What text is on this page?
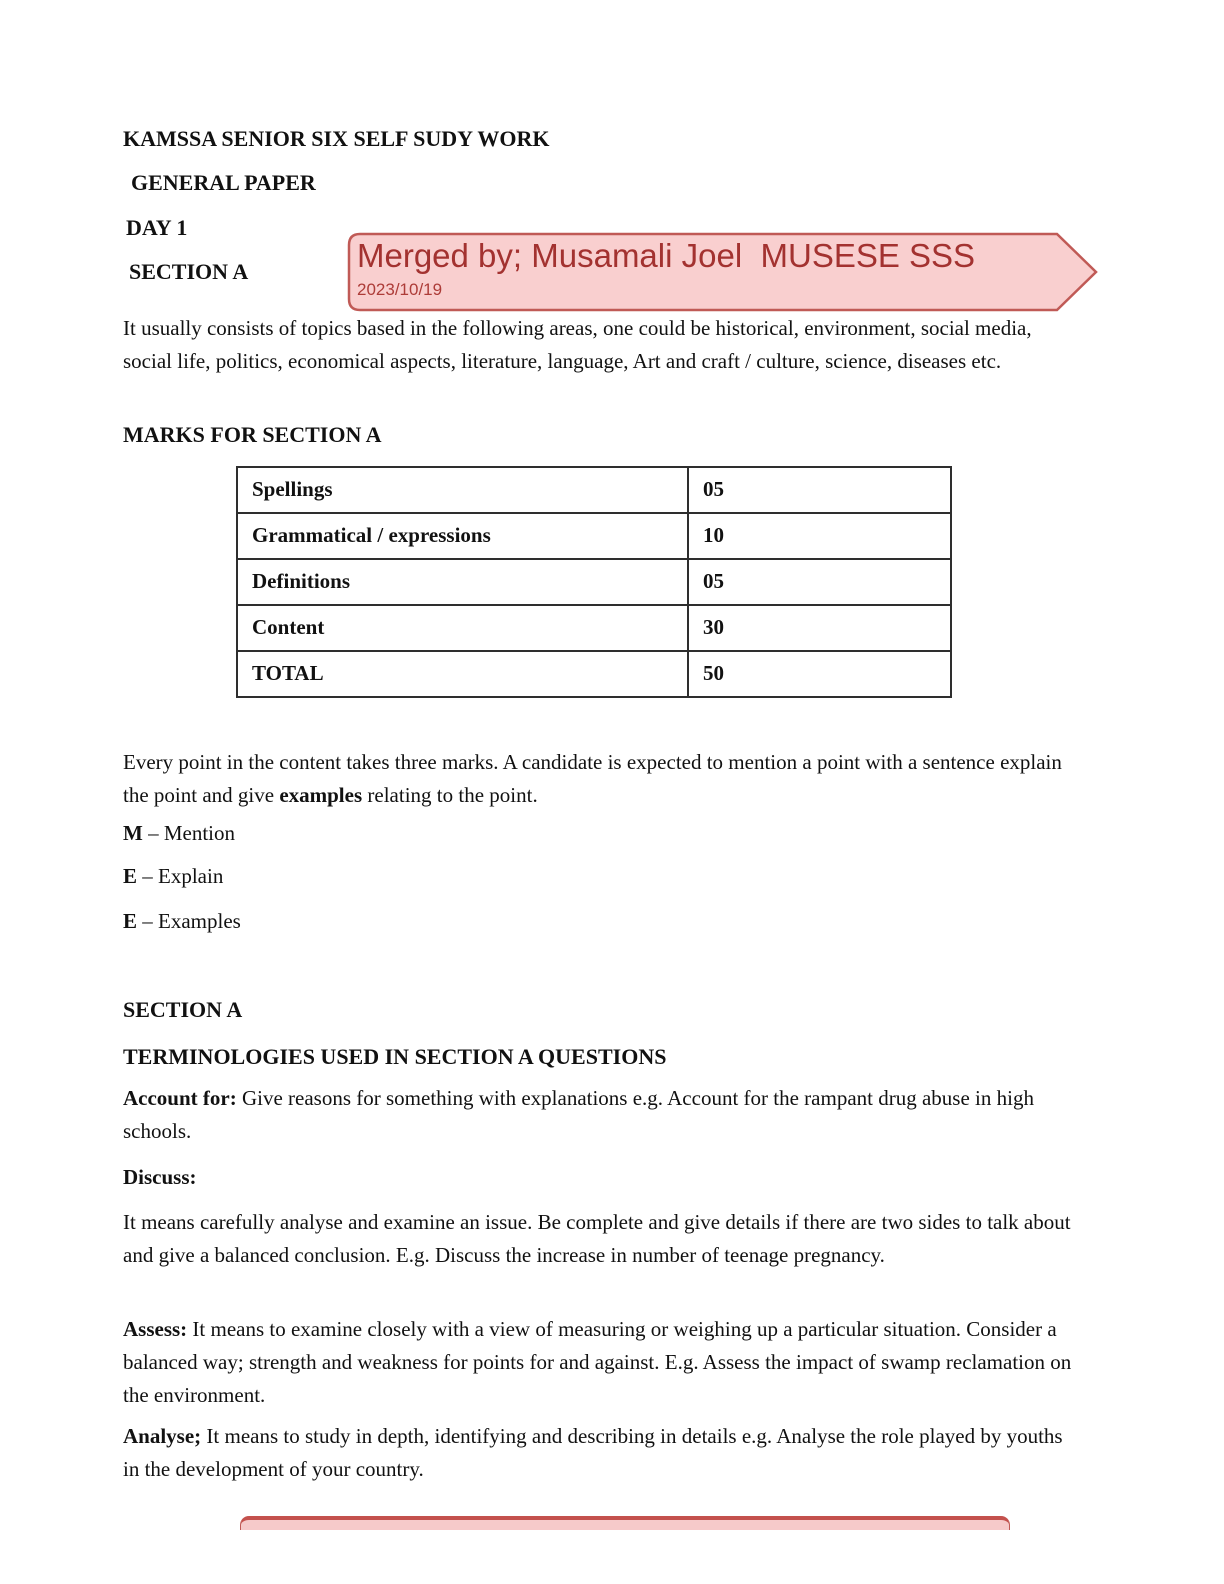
KAMSSA SENIOR SIX SELF SUDY WORK
GENERAL PAPER
DAY 1
SECTION A	Merged by; Musamali Joel  MUSESE SSS
2023/10/19
It usually consists of topics based in the following areas, one could be historical, environment, social media, social life, politics, economical aspects, literature, language, Art and craft / culture, science, diseases etc.
MARKS FOR SECTION A
Spellings	05
Grammatical / expressions	10
Definitions	05
Content	30
TOTAL	50
Every point in the content takes three marks. A candidate is expected to mention a point with a sentence explain the point and give examples relating to the point.
M – Mention
E – Explain
E – Examples
SECTION A
TERMINOLOGIES USED IN SECTION A QUESTIONS
Account for: Give reasons for something with explanations e.g. Account for the rampant drug abuse in high schools.
Discuss:
It means carefully analyse and examine an issue. Be complete and give details if there are two sides to talk about and give a balanced conclusion. E.g. Discuss the increase in number of teenage pregnancy.
Assess: It means to examine closely with a view of measuring or weighing up a particular situation. Consider a balanced way; strength and weakness for points for and against. E.g. Assess the impact of swamp reclamation on the environment.
Analyse; It means to study in depth, identifying and describing in details e.g. Analyse the role played by youths in the development of your country.
